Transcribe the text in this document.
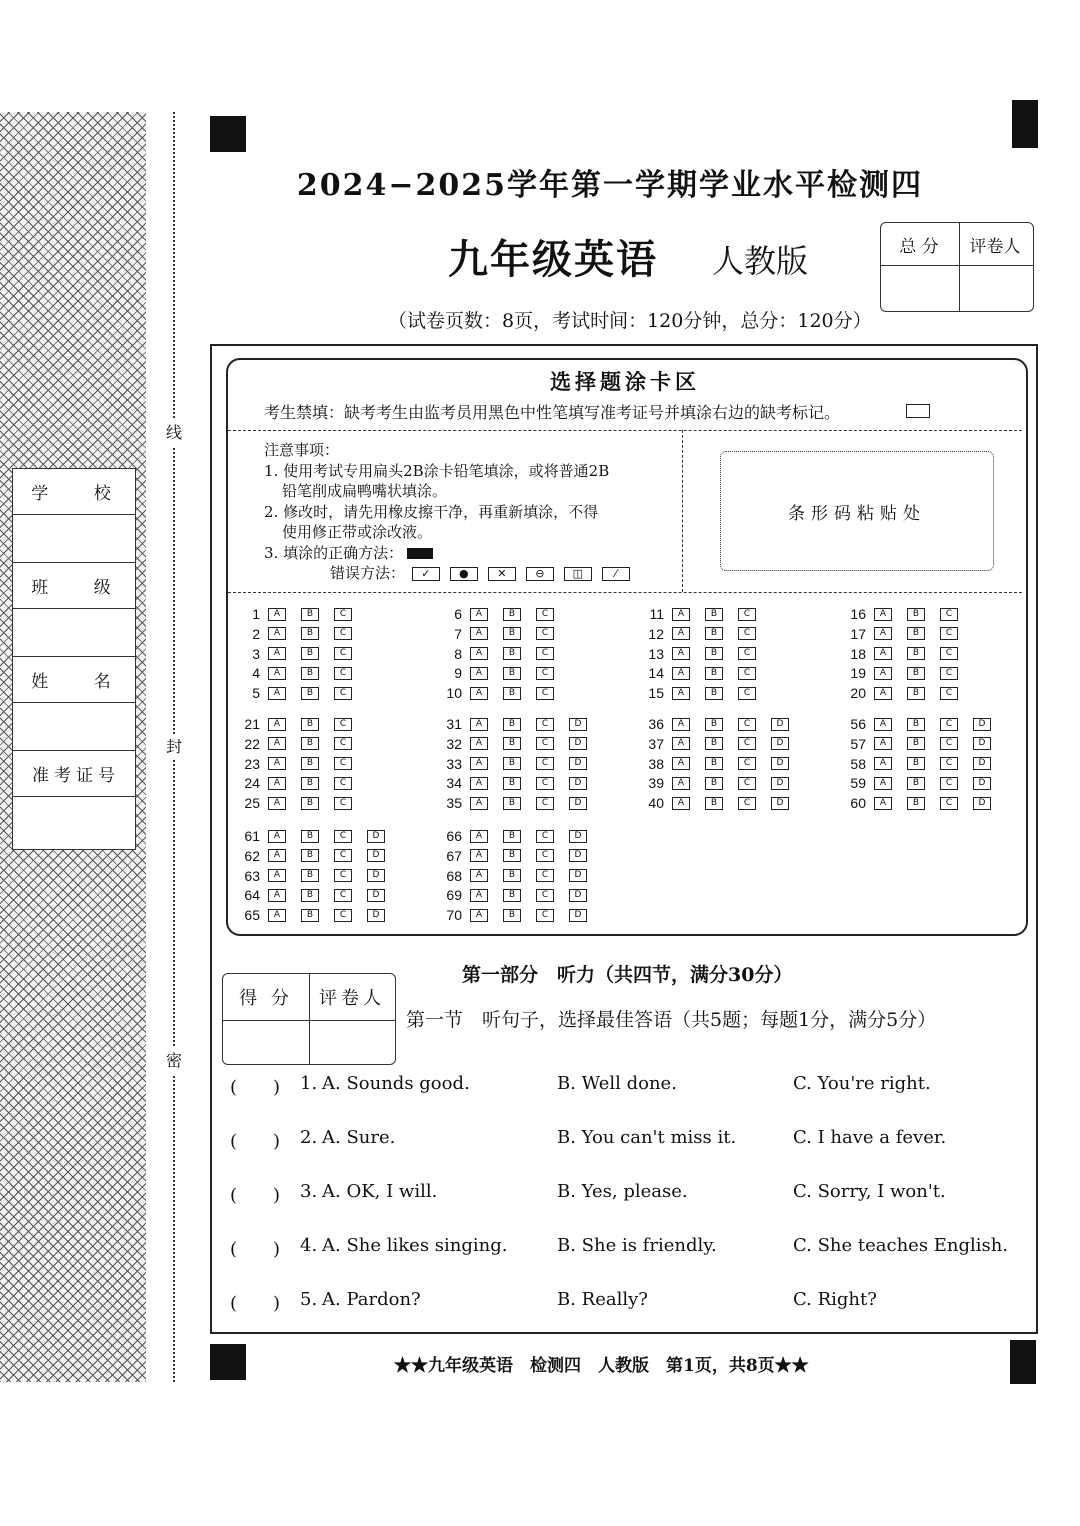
学 校
班 级
姓 名
准考证号
线
封
密
2024−2025学年第一学期学业水平检测四
九年级英语 人教版
（试卷页数：8页，考试时间：120分钟，总分：120分）
总 分	评卷人
选择题涂卡区
考生禁填：缺考考生由监考员用黑色中性笔填写准考证号并填涂右边的缺考标记。
注意事项：
1. 使用考试专用扁头2B涂卡铅笔填涂，或将普通2B
铅笔削成扁鸭嘴状填涂。
2. 修改时，请先用橡皮擦干净，再重新填涂，不得
使用修正带或涂改液。
3. 填涂的正确方法：
错误方法：	✓	●	✕	⊖	◫	⁄
条形码粘贴处
1	A	B	C
2	A	B	C
3	A	B	C
4	A	B	C
5	A	B	C
6	A	B	C
7	A	B	C
8	A	B	C
9	A	B	C
10	A	B	C
11	A	B	C
12	A	B	C
13	A	B	C
14	A	B	C
15	A	B	C
16	A	B	C
17	A	B	C
18	A	B	C
19	A	B	C
20	A	B	C
21	A	B	C
22	A	B	C
23	A	B	C
24	A	B	C
25	A	B	C
31	A	B	C	D
32	A	B	C	D
33	A	B	C	D
34	A	B	C	D
35	A	B	C	D
36	A	B	C	D
37	A	B	C	D
38	A	B	C	D
39	A	B	C	D
40	A	B	C	D
56	A	B	C	D
57	A	B	C	D
58	A	B	C	D
59	A	B	C	D
60	A	B	C	D
61	A	B	C	D
62	A	B	C	D
63	A	B	C	D
64	A	B	C	D
65	A	B	C	D
66	A	B	C	D
67	A	B	C	D
68	A	B	C	D
69	A	B	C	D
70	A	B	C	D
得 分	评卷人
第一部分　听力（共四节，满分30分）
第一节　听句子，选择最佳答语（共5题；每题1分，满分5分）
(　　) 1. A. Sounds good.	B. Well done.	C. You're right.
(　　) 2. A. Sure.	B. You can't miss it.	C. I have a fever.
(　　) 3. A. OK, I will.	B. Yes, please.	C. Sorry, I won't.
(　　) 4. A. She likes singing.	B. She is friendly.	C. She teaches English.
(　　) 5. A. Pardon?	B. Really?	C. Right?
★★九年级英语　检测四　人教版　第1页，共8页★★
